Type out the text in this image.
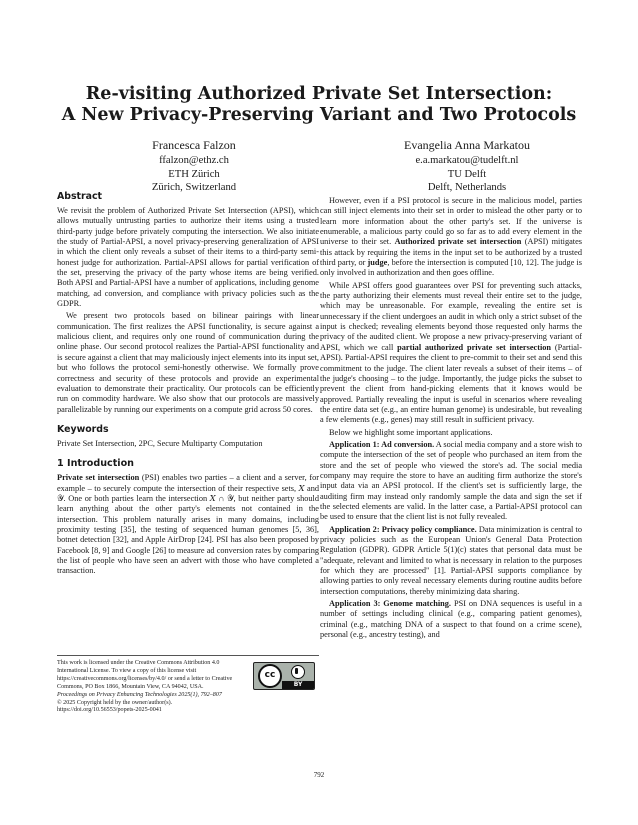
Re-visiting Authorized Private Set Intersection:
A New Privacy-Preserving Variant and Two Protocols
Francesca Falzon
ffalzon@ethz.ch
ETH Zürich
Zürich, Switzerland
Evangelia Anna Markatou
e.a.markatou@tudelft.nl
TU Delft
Delft, Netherlands
Abstract

We revisit the problem of Authorized Private Set Intersection (APSI), which allows mutually untrusting parties to authorize their items using a trusted third-party judge before privately computing the intersection. We also initiate the study of Partial-APSI, a novel privacy-preserving generalization of APSI in which the client only reveals a subset of their items to a third-party semi-honest judge for authorization. Partial-APSI allows for partial verification of the set, preserving the privacy of the party whose items are being verified. Both APSI and Partial-APSI have a number of applications, including genome matching, ad conversion, and compliance with privacy policies such as the GDPR.

We present two protocols based on bilinear pairings with linear communication. The first realizes the APSI functionality, is secure against a malicious client, and requires only one round of communication during the online phase. Our second protocol realizes the Partial-APSI functionality and is secure against a client that may maliciously inject elements into its input set, but who follows the protocol semi-honestly otherwise. We formally prove correctness and security of these protocols and provide an experimental evaluation to demonstrate their practicality. Our protocols can be efficiently run on commodity hardware. We also show that our protocols are massively parallelizable by running our experiments on a compute grid across 50 cores.

Keywords

Private Set Intersection, 2PC, Secure Multiparty Computation

1 Introduction

Private set intersection (PSI) enables two parties – a client and a server, for example – to securely compute the intersection of their respective sets, 𝑋 and 𝒴. One or both parties learn the intersection 𝑋 ∩ 𝒴, but neither party should learn anything about the other party's elements not contained in the intersection. This problem naturally arises in many domains, including proximity testing [35], the testing of sequenced human genomes [5, 36], botnet detection [32], and Apple AirDrop [24]. PSI has also been proposed by Facebook [8, 9] and Google [26] to measure ad conversion rates by comparing the list of people who have seen an advert with those who have completed a transaction.

This work is licensed under the Creative Commons Attribution 4.0 International License. To view a copy of this license visit https://creativecommons.org/licenses/by/4.0/ or send a letter to Creative Commons, PO Box 1866, Mountain View, CA 94042, USA.
Proceedings on Privacy Enhancing Technologies 2025(1), 792–807
© 2025 Copyright held by the owner/author(s).
https://doi.org/10.56553/popets-2025-0041
cc
BY

However, even if a PSI protocol is secure in the malicious model, parties can still inject elements into their set in order to mislead the other party or to learn more information about the other party's set. If the universe is enumerable, a malicious party could go so far as to add every element in the universe to their set. Authorized private set intersection (APSI) mitigates this attack by requiring the items in the input set to be authorized by a trusted third party, or judge, before the intersection is computed [10, 12]. The judge is only involved in authorization and then goes offline.

While APSI offers good guarantees over PSI for preventing such attacks, the party authorizing their elements must reveal their entire set to the judge, which may be unreasonable. For example, revealing the entire set is unnecessary if the client undergoes an audit in which only a strict subset of the input is checked; revealing elements beyond those requested only harms the privacy of the audited client. We propose a new privacy-preserving variant of APSI, which we call partial authorized private set intersection (Partial-APSI). Partial-APSI requires the client to pre-commit to their set and send this commitment to the judge. The client later reveals a subset of their items – of the judge's choosing – to the judge. Importantly, the judge picks the subset to prevent the client from hand-picking elements that it knows would be approved. Partially revealing the input is useful in scenarios where revealing the entire data set (e.g., an entire human genome) is undesirable, but revealing a few elements (e.g., genes) may still result in sufficient privacy.

Below we highlight some important applications.

Application 1: Ad conversion. A social media company and a store wish to compute the intersection of the set of people who purchased an item from the store and the set of people who viewed the store's ad. The social media company may require the store to have an auditing firm authorize the store's input data via an APSI protocol. If the client's set is sufficiently large, the auditing firm may instead only randomly sample the data and sign the set if the selected elements are valid. In the latter case, a Partial-APSI protocol can be used to ensure that the client list is not fully revealed.

Application 2: Privacy policy compliance. Data minimization is central to privacy policies such as the European Union's General Data Protection Regulation (GDPR). GDPR Article 5(1)(c) states that personal data must be "adequate, relevant and limited to what is necessary in relation to the purposes for which they are processed" [1]. Partial-APSI supports compliance by allowing parties to only reveal necessary elements during routine audits before intersection computations, thereby minimizing data sharing.

Application 3: Genome matching. PSI on DNA sequences is useful in a number of settings including clinical (e.g., comparing patient genomes), criminal (e.g., matching DNA of a suspect to that found on a crime scene), personal (e.g., ancestry testing), and

792
